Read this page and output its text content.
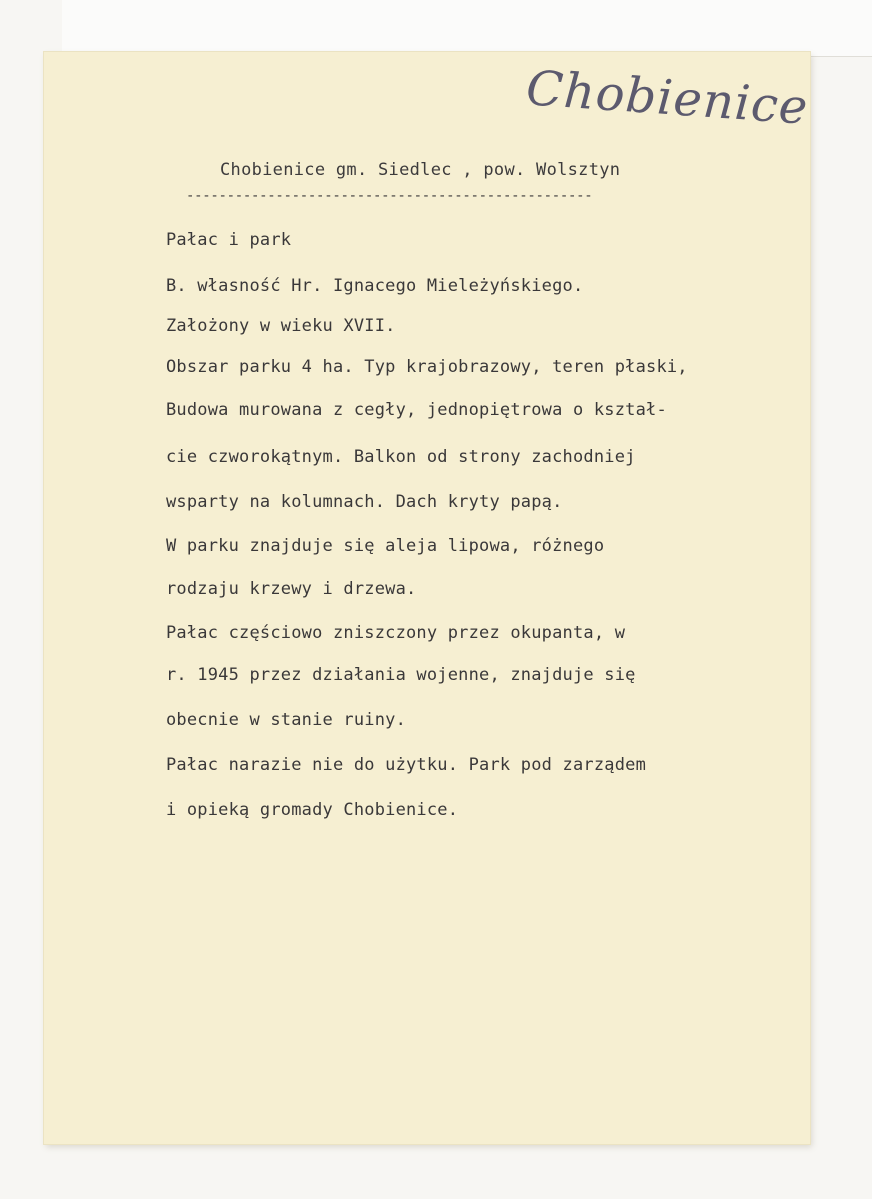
Chobienice
Chobienice gm. Siedlec , pow. Wolsztyn
--------------------------------------------------
Pałac i park
B. własność Hr. Ignacego Mieleżyńskiego.
Założony w wieku XVII.
Obszar parku 4 ha. Typ krajobrazowy, teren płaski,
Budowa murowana z cegły, jednopiętrowa o kształ-
cie czworokątnym. Balkon od strony zachodniej
wsparty na kolumnach. Dach kryty papą.
W parku znajduje się aleja lipowa, różnego
rodzaju krzewy i drzewa.
Pałac częściowo zniszczony przez okupanta, w
r. 1945 przez działania wojenne, znajduje się
obecnie w stanie ruiny.
Pałac narazie nie do użytku. Park pod zarządem
i opieką gromady Chobienice.
